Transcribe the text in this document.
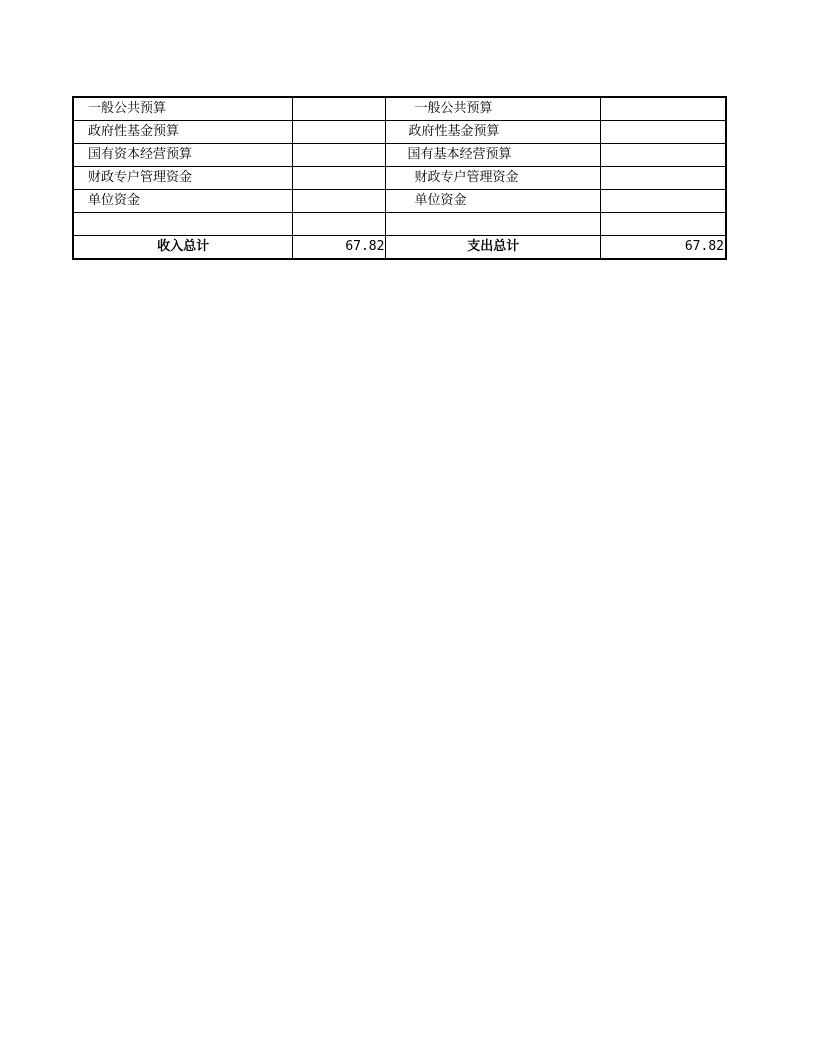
一般公共预算		一般公共预算	
政府性基金预算		政府性基金预算	
国有资本经营预算		国有基本经营预算	
财政专户管理资金		财政专户管理资金	
单位资金		单位资金	

收入总计	67.82	支出总计	67.82
